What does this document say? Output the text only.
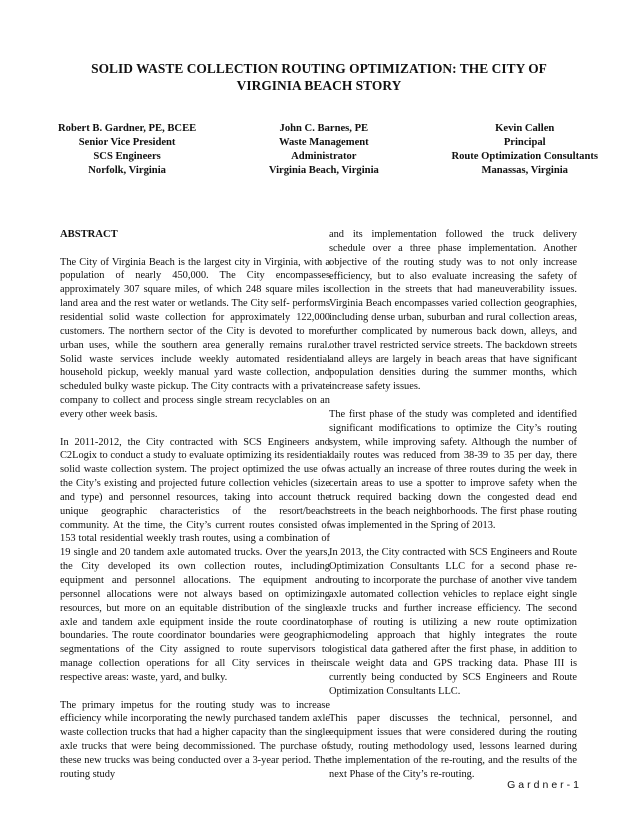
SOLID WASTE COLLECTION ROUTING OPTIMIZATION: THE CITY OF VIRGINIA BEACH STORY
Robert B. Gardner, PE, BCEE
Senior Vice President
SCS Engineers
Norfolk, Virginia
John C. Barnes, PE
Waste Management
Administrator
Virginia Beach, Virginia
Kevin Callen
Principal
Route Optimization Consultants
Manassas, Virginia
ABSTRACT

The City of Virginia Beach is the largest city in Virginia, with a population of nearly 450,000. The City encompasses approximately 307 square miles, of which 248 square miles is land area and the rest water or wetlands. The City self- performs residential solid waste collection for approximately 122,000 customers. The northern sector of the City is devoted to more urban uses, while the southern area generally remains rural. Solid waste services include weekly automated residential household pickup, weekly manual yard waste collection, and scheduled bulky waste pickup. The City contracts with a private company to collect and process single stream recyclables on an every other week basis.

In 2011-2012, the City contracted with SCS Engineers and C2Logix to conduct a study to evaluate optimizing its residential solid waste collection system. The project optimized the use of the City’s existing and projected future collection vehicles (size and type) and personnel resources, taking into account the unique geographic characteristics of the resort/beach community. At the time, the City’s current routes consisted of 153 total residential weekly trash routes, using a combination of 19 single and 20 tandem axle automated trucks. Over the years, the City developed its own collection routes, including equipment and personnel allocations. The equipment and personnel allocations were not always based on optimizing resources, but more on an equitable distribution of the single axle and tandem axle equipment inside the route coordinator boundaries. The route coordinator boundaries were geographic segmentations of the City assigned to route supervisors to manage collection operations for all City services in their respective areas: waste, yard, and bulky.

The primary impetus for the routing study was to increase efficiency while incorporating the newly purchased tandem axle waste collection trucks that had a higher capacity than the single axle trucks that were being decommissioned. The purchase of these new trucks was being conducted over a 3-year period. The routing study

and its implementation followed the truck delivery schedule over a three phase implementation. Another objective of the routing study was to not only increase efficiency, but to also evaluate increasing the safety of collection in the streets that had maneuverability issues. Virginia Beach encompasses varied collection geographies, including dense urban, suburban and rural collection areas, further complicated by numerous back down, alleys, and other travel restricted service streets. The backdown streets and alleys are largely in beach areas that have significant population densities during the summer months, which increase safety issues.

The first phase of the study was completed and identified significant modifications to optimize the City’s routing system, while improving safety. Although the number of daily routes was reduced from 38-39 to 35 per day, there was actually an increase of three routes during the week in certain areas to use a spotter to improve safety when the truck required backing down the congested dead end streets in the beach neighborhoods. The first phase routing was implemented in the Spring of 2013.

In 2013, the City contracted with SCS Engineers and Route Optimization Consultants LLC for a second phase re-routing to incorporate the purchase of another vive tandem axle automated collection vehicles to replace eight single axle trucks and further increase efficiency. The second phase of routing is utilizing a new route optimization modeling approach that highly integrates the route logistical data gathered after the first phase, in addition to scale weight data and GPS tracking data. Phase III is currently being conducted by SCS Engineers and Route Optimization Consultants LLC.

This paper discusses the technical, personnel, and equipment issues that were considered during the routing study, routing methodology used, lessons learned during the implementation of the re-routing, and the results of the next Phase of the City’s re-routing.

Gardner-1
